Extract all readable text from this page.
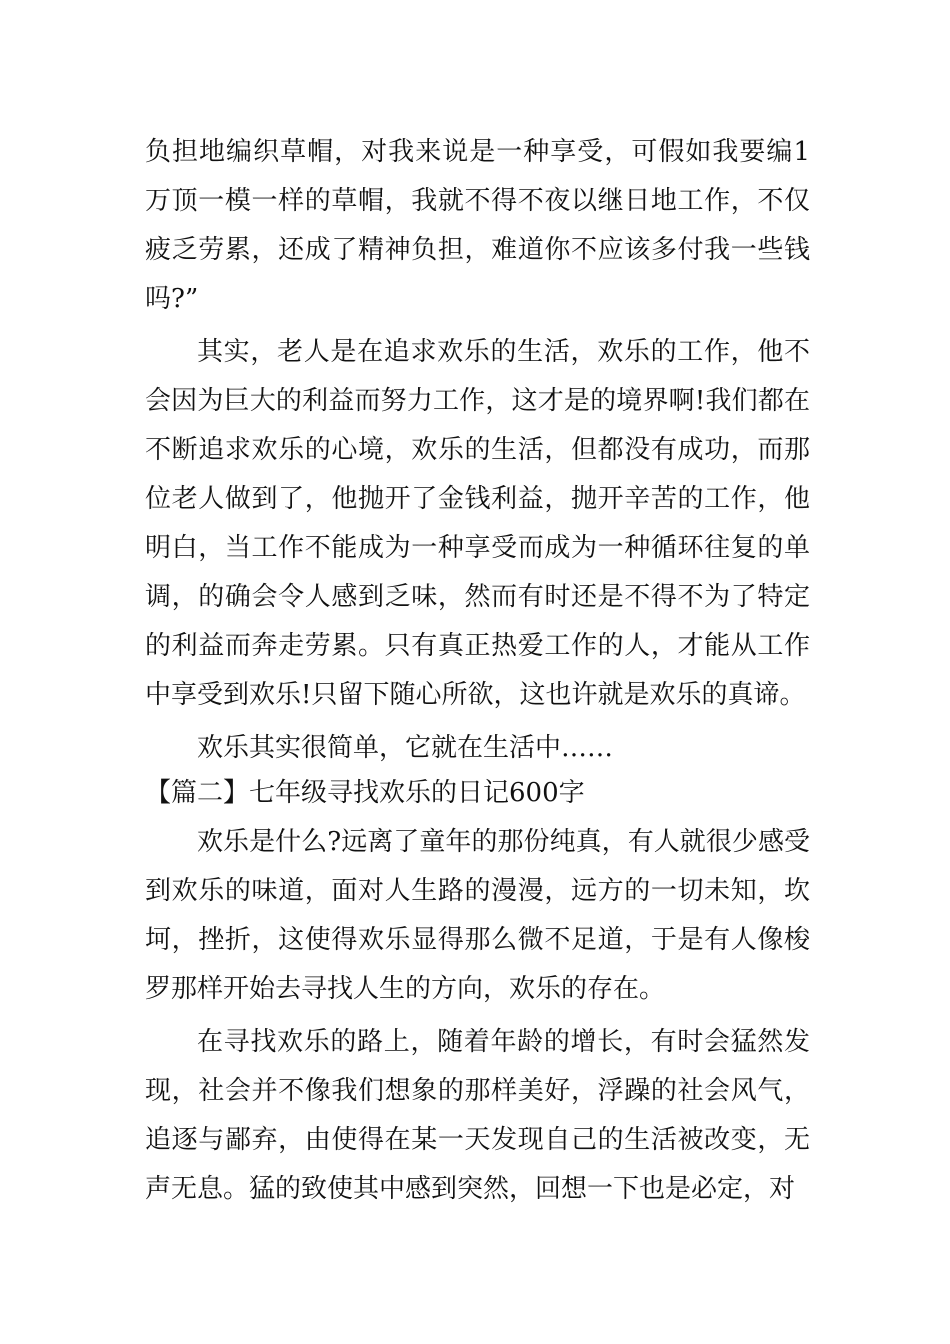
负担地编织草帽，对我来说是一种享受，可假如我要编1万顶一模一样的草帽，我就不得不夜以继日地工作，不仅疲乏劳累，还成了精神负担，难道你不应该多付我一些钱吗?”

其实，老人是在追求欢乐的生活，欢乐的工作，他不会因为巨大的利益而努力工作，这才是的境界啊!我们都在不断追求欢乐的心境，欢乐的生活，但都没有成功，而那位老人做到了，他抛开了金钱利益，抛开辛苦的工作，他明白，当工作不能成为一种享受而成为一种循环往复的单调，的确会令人感到乏味，然而有时还是不得不为了特定的利益而奔走劳累。只有真正热爱工作的人，才能从工作中享受到欢乐!只留下随心所欲，这也许就是欢乐的真谛。

欢乐其实很简单，它就在生活中……

【篇二】七年级寻找欢乐的日记600字

欢乐是什么?远离了童年的那份纯真，有人就很少感受到欢乐的味道，面对人生路的漫漫，远方的一切未知，坎坷，挫折，这使得欢乐显得那么微不足道，于是有人像梭罗那样开始去寻找人生的方向，欢乐的存在。

在寻找欢乐的路上，随着年龄的增长，有时会猛然发现，社会并不像我们想象的那样美好，浮躁的社会风气，追逐与鄙弃，由使得在某一天发现自己的生活被改变，无声无息。猛的致使其中感到突然，回想一下也是必定，对
